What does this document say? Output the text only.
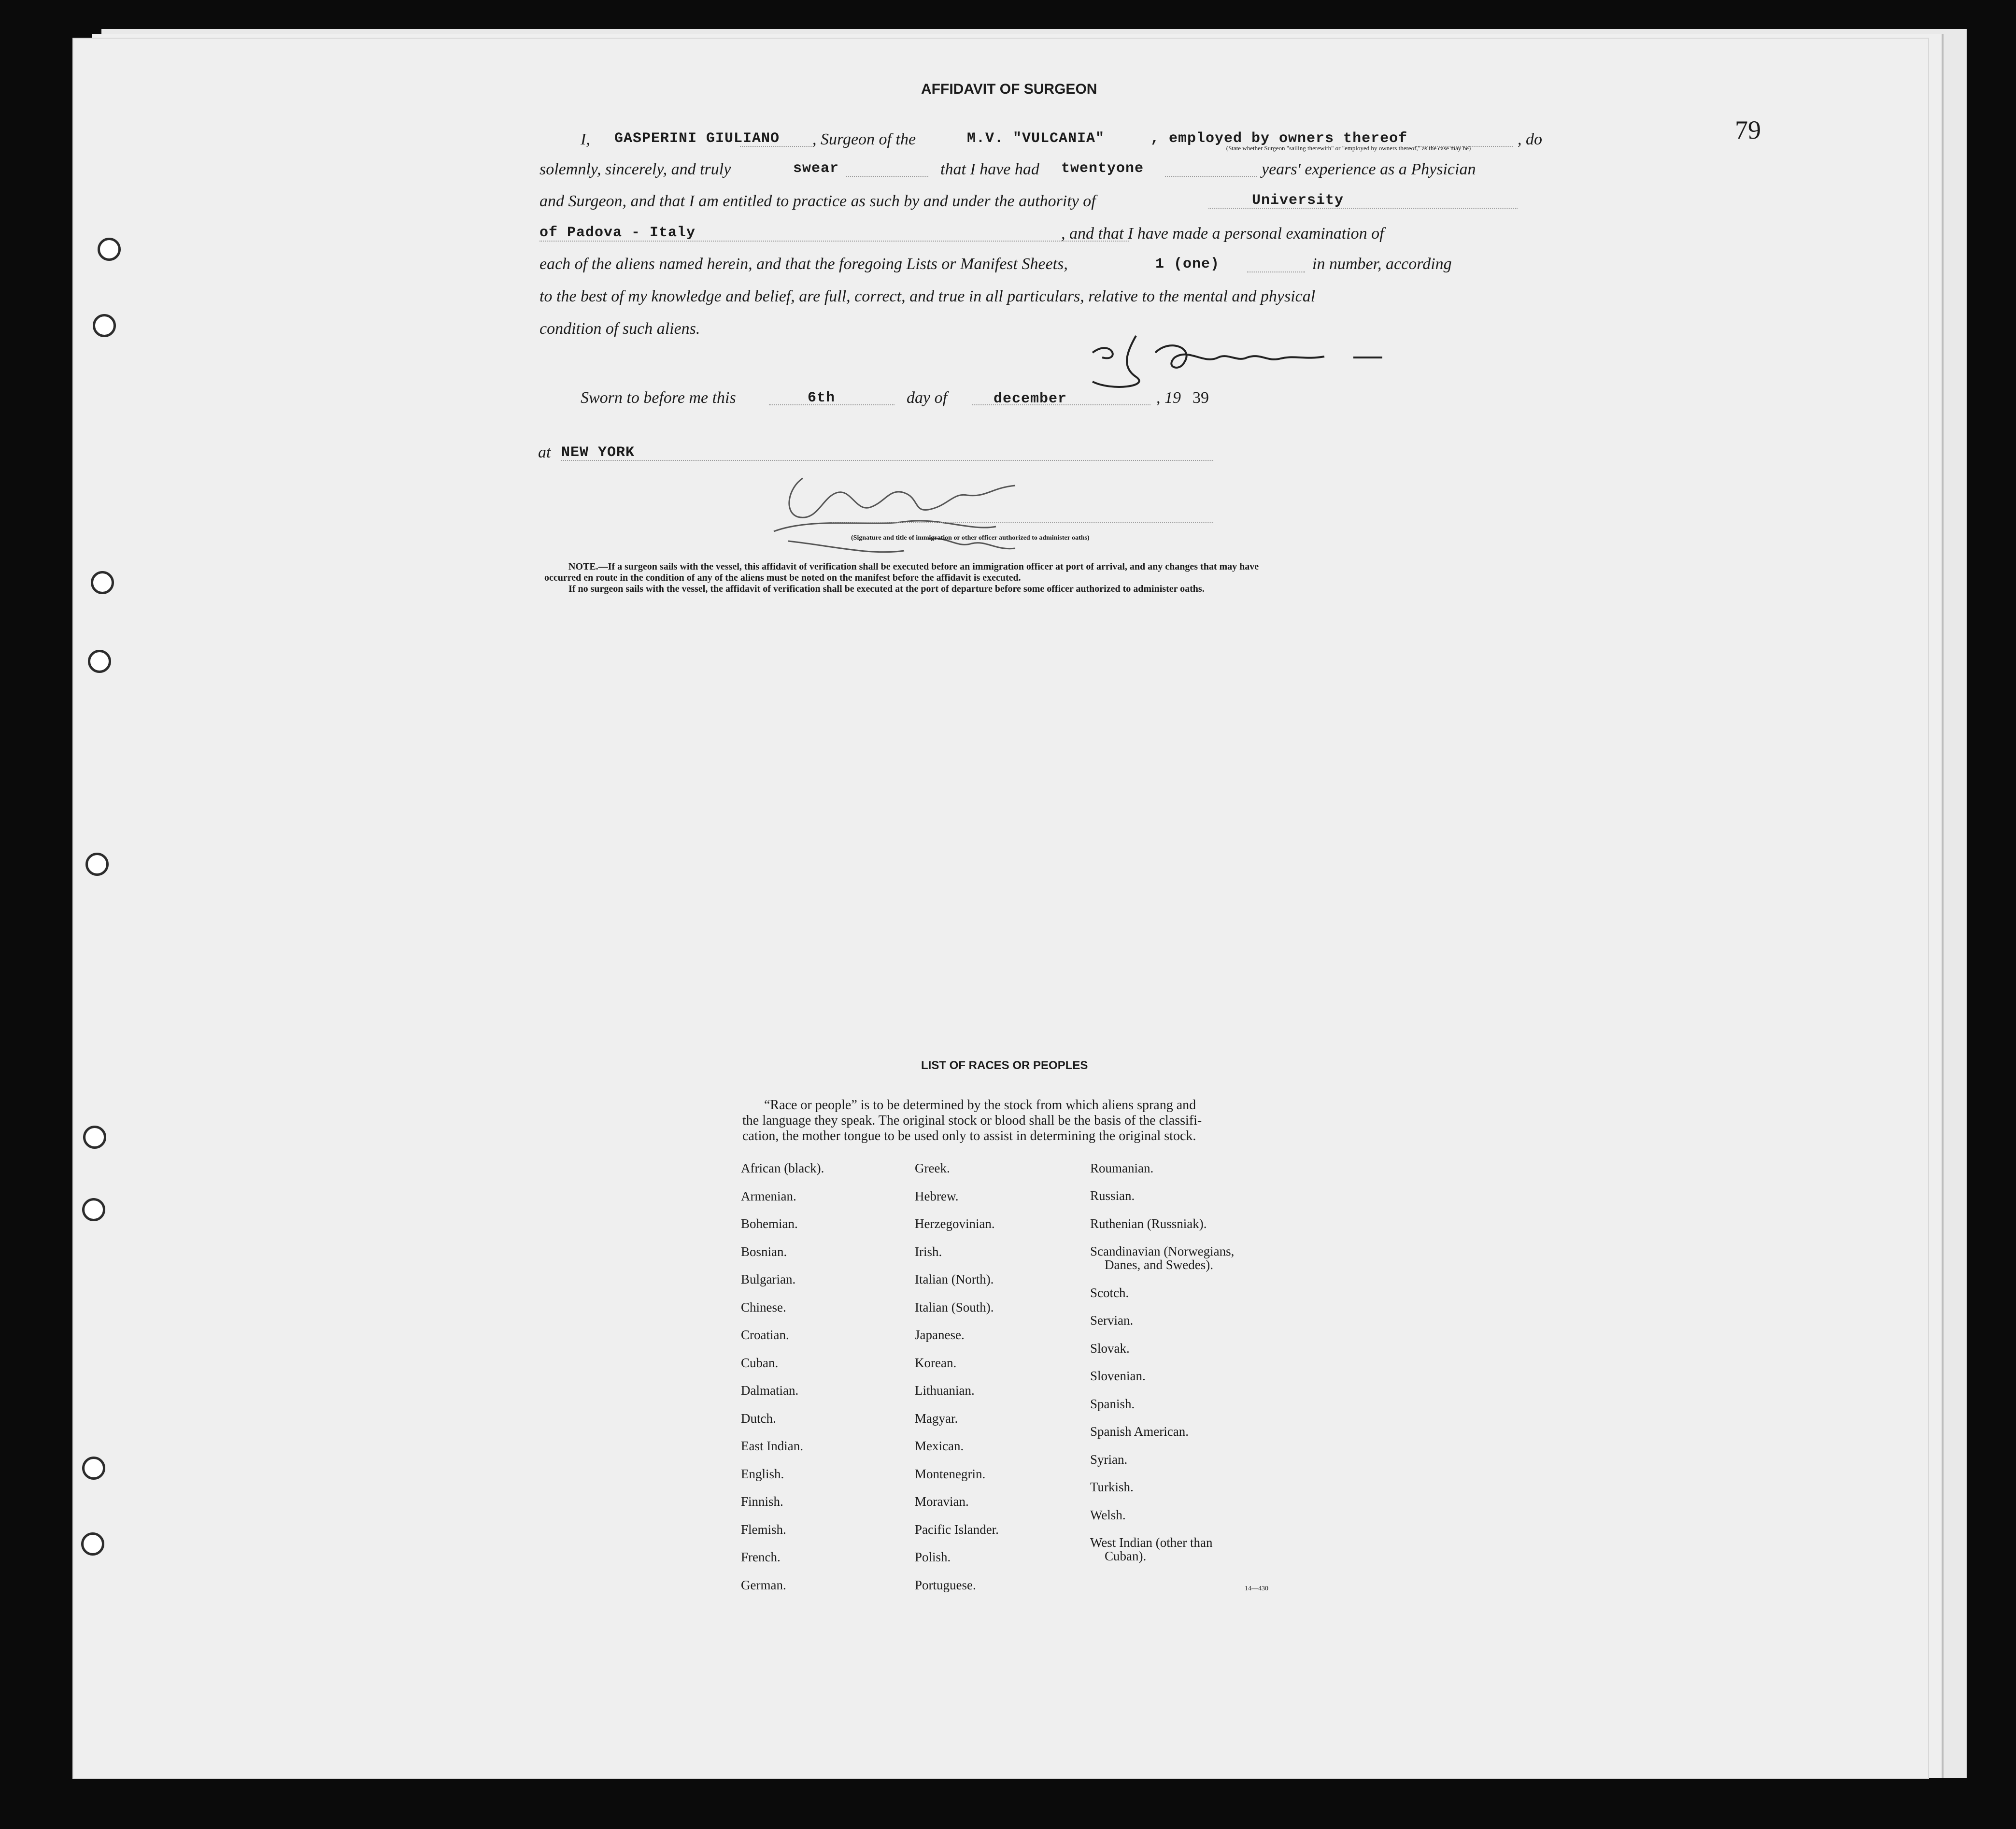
79
AFFIDAVIT OF SURGEON
I, GASPERINI GIULIANO , Surgeon of the	M.V. "VULCANIA"	, employed by owners thereof	, do
(State whether Surgeon "sailing therewith" or "employed by owners thereof," as the case may be)
solemnly, sincerely, and truly	swear	that I have had twentyone	years' experience as a Physician
and Surgeon, and that I am entitled to practice as such by and under the authority of	University
of Padova - Italy	, and that I have made a personal examination of
each of the aliens named herein, and that the foregoing Lists or Manifest Sheets,	1 (one)	in number, according
to the best of my knowledge and belief, are full, correct, and true in all particulars, relative to the mental and physical
condition of such aliens.
Sworn to before me this	6th	day of	december	, 19 39
at NEW YORK
(Signature and title of immigration or other officer authorized to administer oaths)
NOTE.—If a surgeon sails with the vessel, this affidavit of verification shall be executed before an immigration officer at port of arrival, and any changes that may have
occurred en route in the condition of any of the aliens must be noted on the manifest before the affidavit is executed.
If no surgeon sails with the vessel, the affidavit of verification shall be executed at the port of departure before some officer authorized to administer oaths.
LIST OF RACES OR PEOPLES
“Race or people” is to be determined by the stock from which aliens sprang and
the language they speak. The original stock or blood shall be the basis of the classifi-
cation, the mother tongue to be used only to assist in determining the original stock.
African (black).
Armenian.
Bohemian.
Bosnian.
Bulgarian.
Chinese.
Croatian.
Cuban.
Dalmatian.
Dutch.
East Indian.
English.
Finnish.
Flemish.
French.
German.
Greek.
Hebrew.
Herzegovinian.
Irish.
Italian (North).
Italian (South).
Japanese.
Korean.
Lithuanian.
Magyar.
Mexican.
Montenegrin.
Moravian.
Pacific Islander.
Polish.
Portuguese.
Roumanian.
Russian.
Ruthenian (Russniak).
Scandinavian (Norwegians,
Danes, and Swedes).
Scotch.
Servian.
Slovak.
Slovenian.
Spanish.
Spanish American.
Syrian.
Turkish.
Welsh.
West Indian (other than
Cuban).
14—430
